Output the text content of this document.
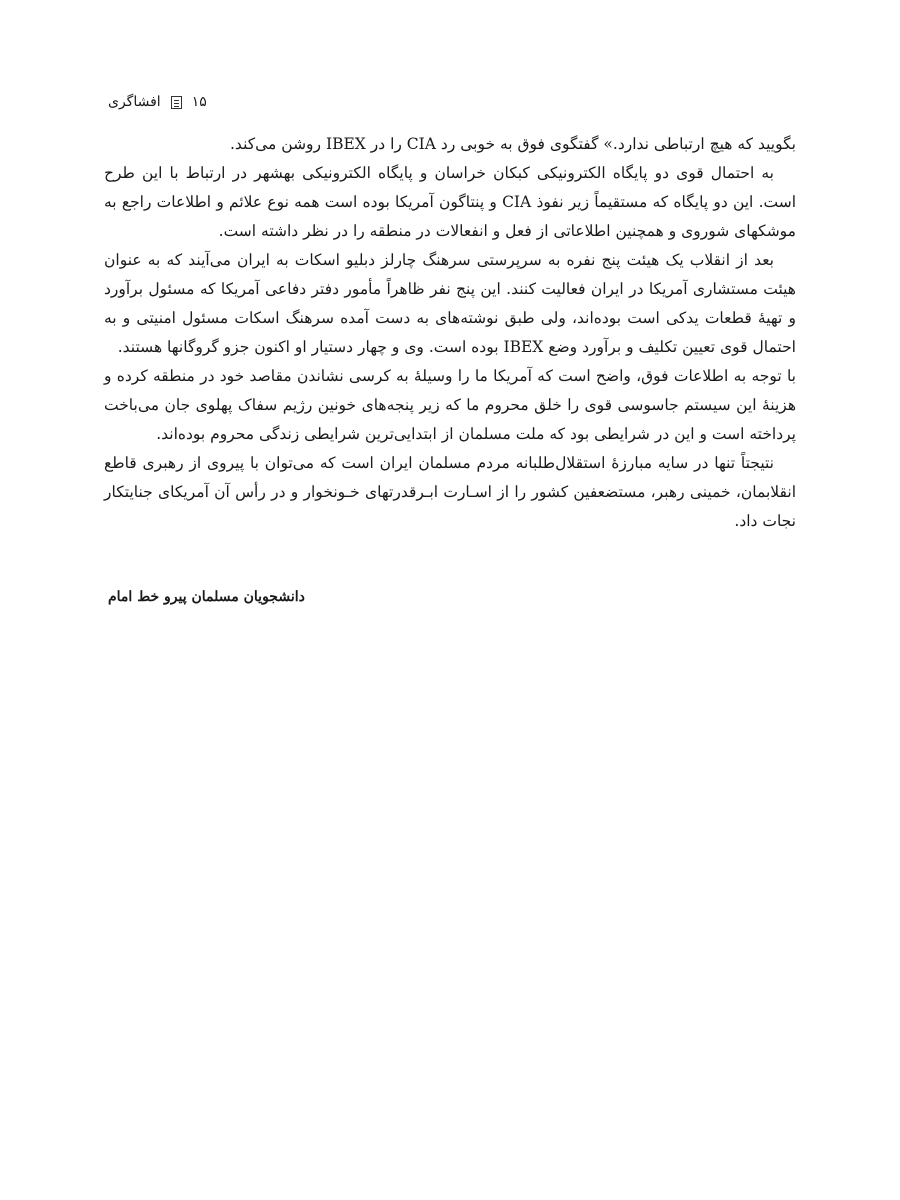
افشاگری ۱۵

بگویید که هیچ ارتباطی ندارد.» گفتگوی فوق به خوبی رد CIA را در IBEX روشن می‌کند.

به احتمال قوی دو پایگاه الکترونیکی کبکان خراسان و پایگاه الکترونیکی بهشهر در ارتباط با این طرح است. این دو پایگاه که مستقیماً زیر نفوذ CIA و پنتاگون آمریکا بوده است همه نوع علائم و اطلاعات راجع به موشکهای شوروی و همچنین اطلاعاتی از فعل و انفعالات در منطقه را در نظر داشته است.

بعد از انقلاب یک هیئت پنج نفره به سرپرستی سرهنگ چارلز دبلیو اسکات به ایران می‌آیند که به عنوان هیئت مستشاری آمریکا در ایران فعالیت کنند. این پنج نفر ظاهراً مأمور دفتر دفاعی آمریکا که مسئول برآورد و تهیهٔ قطعات یدکی است بوده‌اند، ولی طبق نوشته‌های به دست آمده سرهنگ اسکات مسئول امنیتی و به احتمال قوی تعیین تکلیف و برآورد وضع IBEX بوده است. وی و چهار دستیار او اکنون جزو گروگانها هستند.

با توجه به اطلاعات فوق، واضح است که آمریکا ما را وسیلهٔ به کرسی نشاندن مقاصد خود در منطقه کرده و هزینهٔ این سیستم جاسوسی قوی را خلق محروم ما که زیر پنجه‌های خونین رژیم سفاک پهلوی جان می‌باخت پرداخته است و این در شرایطی بود که ملت مسلمان از ابتدایی‌ترین شرایطی زندگی محروم بوده‌اند.

نتیجتاً تنها در سایه مبارزهٔ استقلال‌طلبانه مردم مسلمان ایران است که می‌توان با پیروی از رهبری قاطع انقلابمان، خمینی رهبر، مستضعفین کشور را از اسـارت ابـرقدرتهای خـونخوار و در رأس آن آمریکای جنایتکار نجات داد.

دانشجویان مسلمان پیرو خط امام
